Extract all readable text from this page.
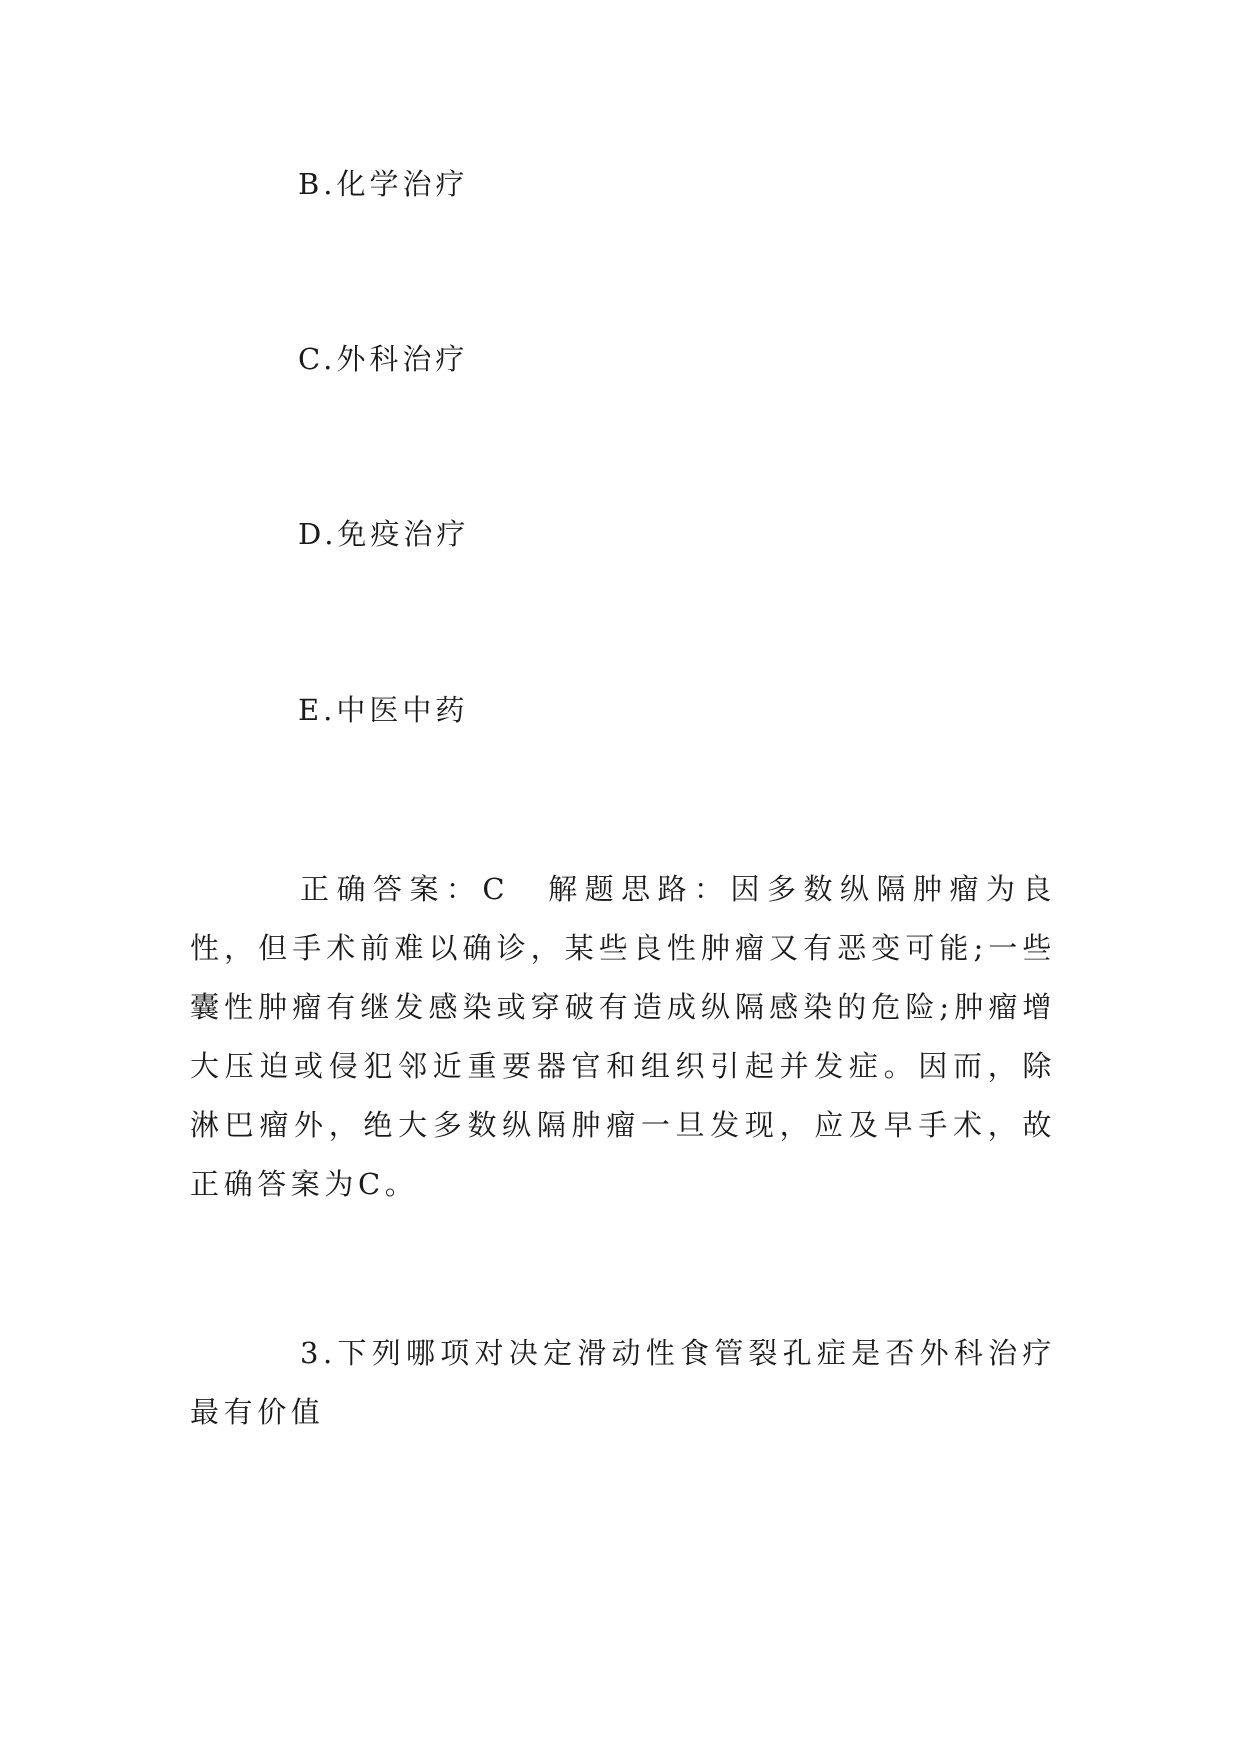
B.化学治疗
C.外科治疗
D.免疫治疗
E.中医中药
正确答案：C 解题思路：因多数纵隔肿瘤为良性，但手术前难以确诊，某些良性肿瘤又有恶变可能;一些囊性肿瘤有继发感染或穿破有造成纵隔感染的危险;肿瘤增大压迫或侵犯邻近重要器官和组织引起并发症。因而，除淋巴瘤外，绝大多数纵隔肿瘤一旦发现，应及早手术，故正确答案为C。
3.下列哪项对决定滑动性食管裂孔症是否外科治疗最有价值
